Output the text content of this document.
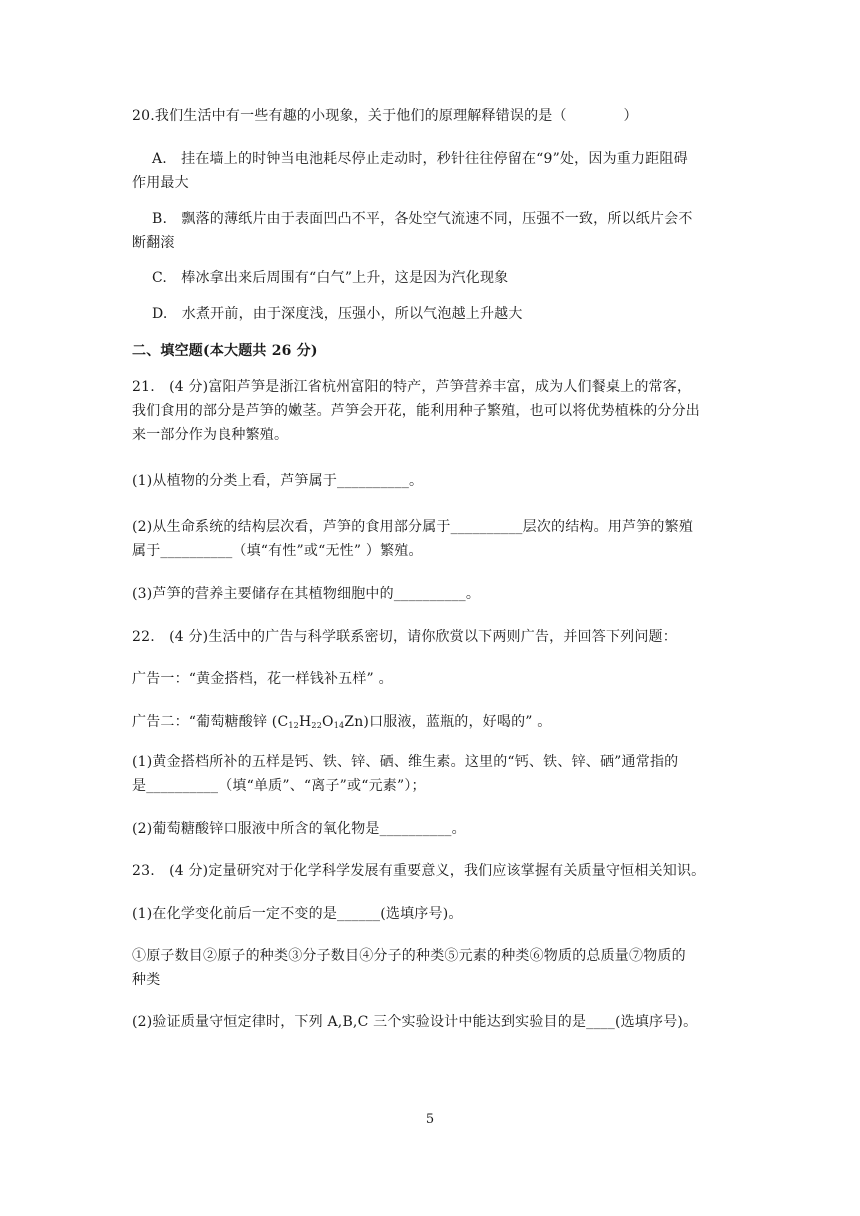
20.我们生活中有一些有趣的小现象，关于他们的原理解释错误的是（　　　　）
A.　挂在墙上的时钟当电池耗尽停止走动时，秒针往往停留在“9”处，因为重力距阻碍
作用最大
B.　飘落的薄纸片由于表面凹凸不平，各处空气流速不同，压强不一致，所以纸片会不
断翻滚
C.　棒冰拿出来后周围有“白气”上升，这是因为汽化现象
D.　水煮开前，由于深度浅，压强小，所以气泡越上升越大
二、填空题(本大题共 26 分)
21.　(4 分)富阳芦笋是浙江省杭州富阳的特产，芦笋营养丰富，成为人们餐桌上的常客，
我们食用的部分是芦笋的嫩茎。芦笋会开花，能利用种子繁殖，也可以将优势植株的分分出
来一部分作为良种繁殖。
(1)从植物的分类上看，芦笋属于__________。
(2)从生命系统的结构层次看，芦笋的食用部分属于__________层次的结构。用芦笋的繁殖
属于__________（填“有性”或“无性” ）繁殖。
(3)芦笋的营养主要储存在其植物细胞中的__________。
22.　(4 分)生活中的广告与科学联系密切，请你欣赏以下两则广告，并回答下列问题：
广告一：“黄金搭档，花一样钱补五样” 。
广告二：“葡萄糖酸锌 $(C_{12}H_{22}O_{14}Zn)$口服液，蓝瓶的，好喝的” 。
(1)黄金搭档所补的五样是钙、铁、锌、硒、维生素。这里的“钙、铁、锌、硒”通常指的
是__________（填“单质”、“离子”或“元素”）；
(2)葡萄糖酸锌口服液中所含的氧化物是__________。
23.　(4 分)定量研究对于化学科学发展有重要意义，我们应该掌握有关质量守恒相关知识。
(1)在化学变化前后一定不变的是______(选填序号)。
①原子数目②原子的种类③分子数目④分子的种类⑤元素的种类⑥物质的总质量⑦物质的
种类
(2)验证质量守恒定律时，下列 A,B,C 三个实验设计中能达到实验目的是____(选填序号)。
5
